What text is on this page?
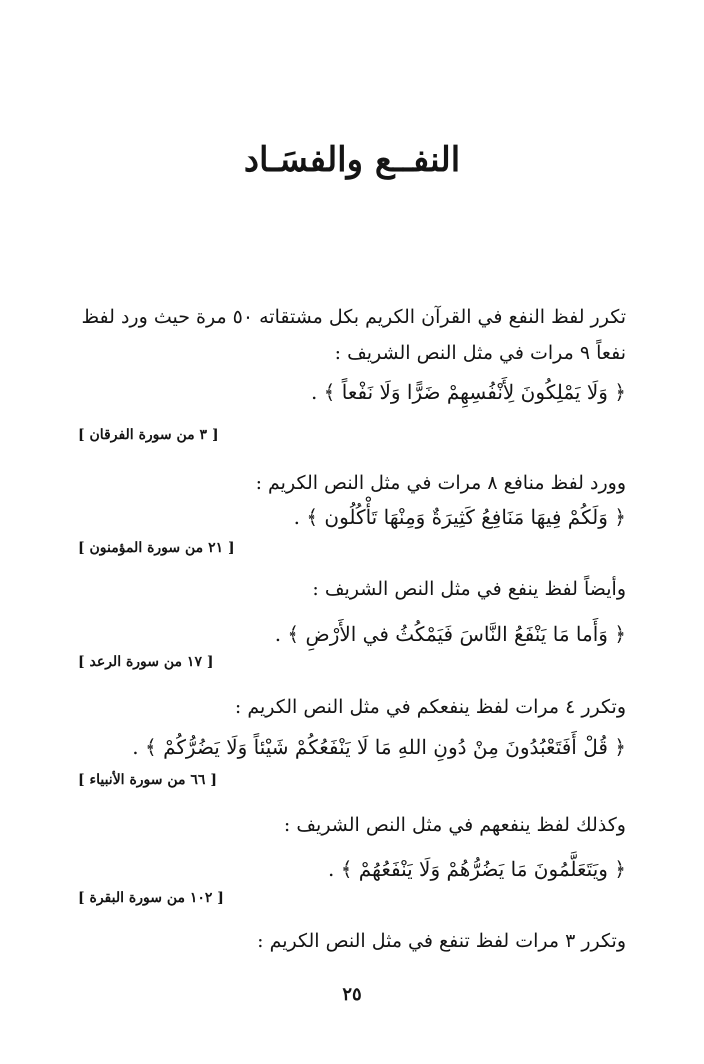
النفــع والفسَـاد
تكرر لفظ النفع في القرآن الكريم بكل مشتقاته ٥٠ مرة حيث ورد لفظ
نفعاً ٩ مرات في مثل النص الشريف :
﴿ وَلَا يَمْلِكُونَ لِأَنْفُسِهِمْ ضَرًّا وَلَا نَفْعاً ﴾ .
[ ٣ من سورة الفرقان ]
وورد لفظ منافع ٨ مرات في مثل النص الكريم :
﴿ وَلَكُمْ فِيهَا مَنَافِعُ كَثِيرَةٌ وَمِنْهَا تَأْكُلُون ﴾ .
[ ٢١ من سورة المؤمنون ]
وأيضاً لفظ ينفع في مثل النص الشريف :
﴿ وَأَما مَا يَنْفَعُ النَّاسَ فَيَمْكُثُ في الأَرْضِ ﴾ .
[ ١٧ من سورة الرعد ]
وتكرر ٤ مرات لفظ ينفعكم في مثل النص الكريم :
﴿ قُلْ أَفَتَعْبُدُونَ مِنْ دُونِ اللهِ مَا لَا يَنْفَعُكُمْ شَيْئاً وَلَا يَضُرُّكُمْ ﴾ .
[ ٦٦ من سورة الأنبياء ]
وكذلك لفظ ينفعهم في مثل النص الشريف :
﴿ ويَتَعَلَّمُونَ مَا يَضُرُّهُمْ وَلَا يَنْفَعُهُمْ ﴾ .
[ ١٠٢ من سورة البقرة ]
وتكرر ٣ مرات لفظ تنفع في مثل النص الكريم :
٢٥
